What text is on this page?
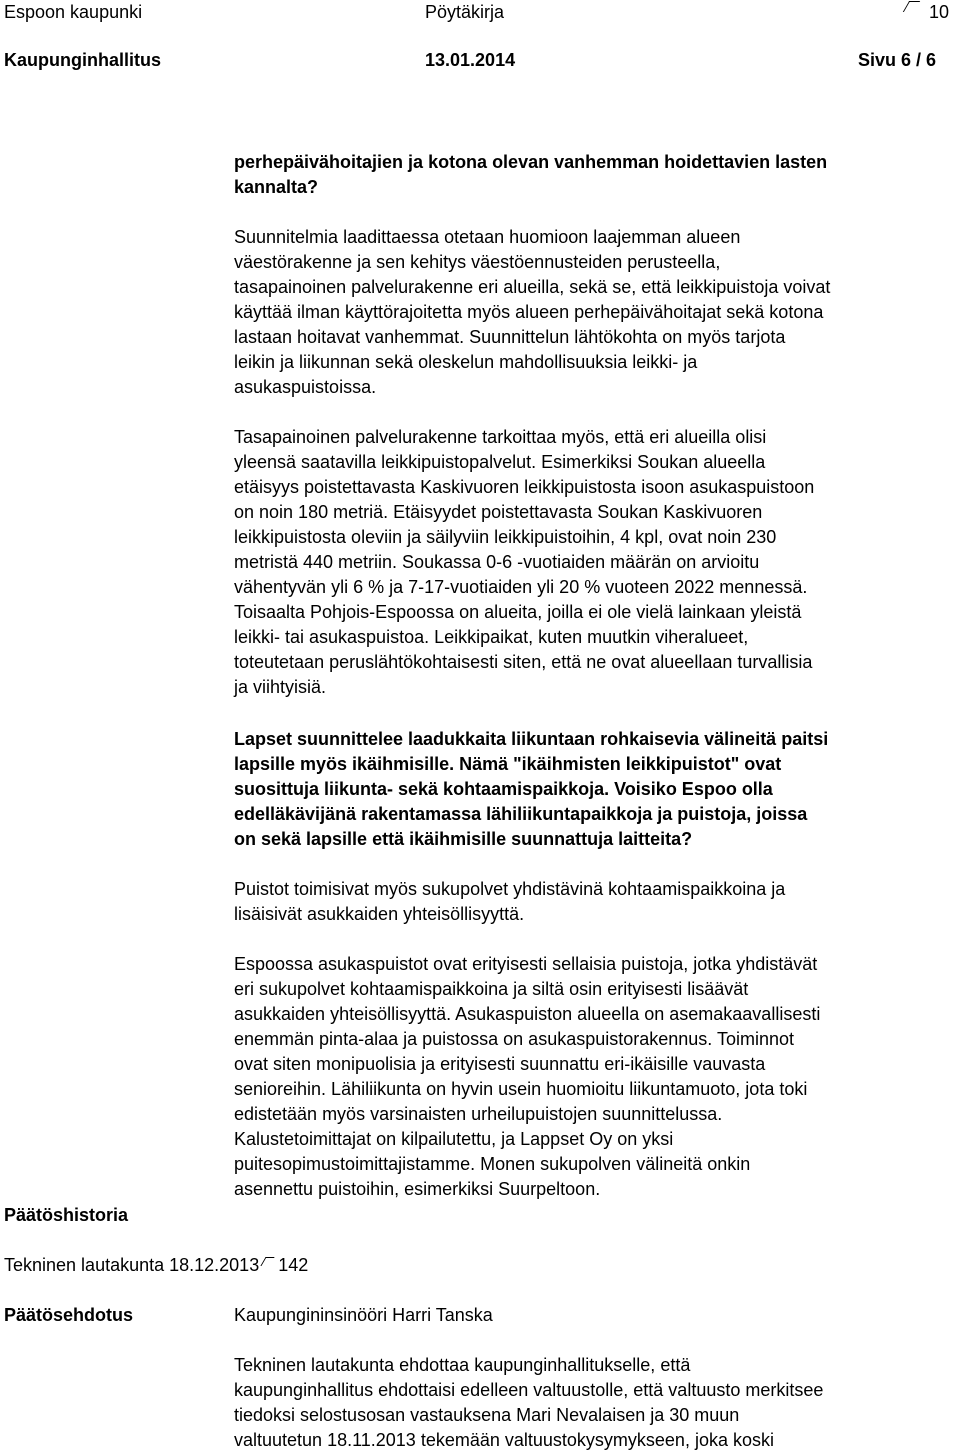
Espoon kaupunki	Pöytäkirja	10
Kaupunginhallitus	13.01.2014	Sivu 6 / 6
perhepäivähoitajien ja kotona olevan vanhemman hoidettavien lasten
kannalta?
Suunnitelmia laadittaessa otetaan huomioon laajemman alueen
väestörakenne ja sen kehitys väestöennusteiden perusteella,
tasapainoinen palvelurakenne eri alueilla, sekä se, että leikkipuistoja voivat
käyttää ilman käyttörajoitetta myös alueen perhepäivähoitajat sekä kotona
lastaan hoitavat vanhemmat. Suunnittelun lähtökohta on myös tarjota
leikin ja liikunnan sekä oleskelun mahdollisuuksia leikki- ja
asukaspuistoissa.
Tasapainoinen palvelurakenne tarkoittaa myös, että eri alueilla olisi
yleensä saatavilla leikkipuistopalvelut. Esimerkiksi Soukan alueella
etäisyys poistettavasta Kaskivuoren leikkipuistosta isoon asukaspuistoon
on noin 180 metriä. Etäisyydet poistettavasta Soukan Kaskivuoren
leikkipuistosta oleviin ja säilyviin leikkipuistoihin, 4 kpl, ovat noin 230
metristä 440 metriin. Soukassa 0-6 -vuotiaiden määrän on arvioitu
vähentyvän yli 6 % ja 7-17-vuotiaiden yli 20 % vuoteen 2022 mennessä.
Toisaalta Pohjois-Espoossa on alueita, joilla ei ole vielä lainkaan yleistä
leikki- tai asukaspuistoa. Leikkipaikat, kuten muutkin viheralueet,
toteutetaan peruslähtökohtaisesti siten, että ne ovat alueellaan turvallisia
ja viihtyisiä.
Lapset suunnittelee laadukkaita liikuntaan rohkaisevia välineitä paitsi
lapsille myös ikäihmisille. Nämä "ikäihmisten leikkipuistot" ovat
suosittuja liikunta- sekä kohtaamispaikkoja. Voisiko Espoo olla
edelläkävijänä rakentamassa lähiliikuntapaikkoja ja puistoja, joissa
on sekä lapsille että ikäihmisille suunnattuja laitteita?
Puistot toimisivat myös sukupolvet yhdistävinä kohtaamispaikkoina ja
lisäisivät asukkaiden yhteisöllisyyttä.
Espoossa asukaspuistot ovat erityisesti sellaisia puistoja, jotka yhdistävät
eri sukupolvet kohtaamispaikkoina ja siltä osin erityisesti lisäävät
asukkaiden yhteisöllisyyttä. Asukaspuiston alueella on asemakaavallisesti
enemmän pinta-alaa ja puistossa on asukaspuistorakennus. Toiminnot
ovat siten monipuolisia ja erityisesti suunnattu eri-ikäisille vauvasta
senioreihin. Lähiliikunta on hyvin usein huomioitu liikuntamuoto, jota toki
edistetään myös varsinaisten urheilupuistojen suunnittelussa.
Kalustetoimittajat on kilpailutettu, ja Lappset Oy on yksi
puitesopimustoimittajistamme. Monen sukupolven välineitä onkin
asennettu puistoihin, esimerkiksi Suurpeltoon.
Päätöshistoria
Tekninen lautakunta 18.12.2013 142
Päätösehdotus	Kaupungininsinööri Harri Tanska
Tekninen lautakunta ehdottaa kaupunginhallitukselle, että
kaupunginhallitus ehdottaisi edelleen valtuustolle, että valtuusto merkitsee
tiedoksi selostusosan vastauksena Mari Nevalaisen ja 30 muun
valtuutetun 18.11.2013 tekemään valtuustokysymykseen, joka koski
